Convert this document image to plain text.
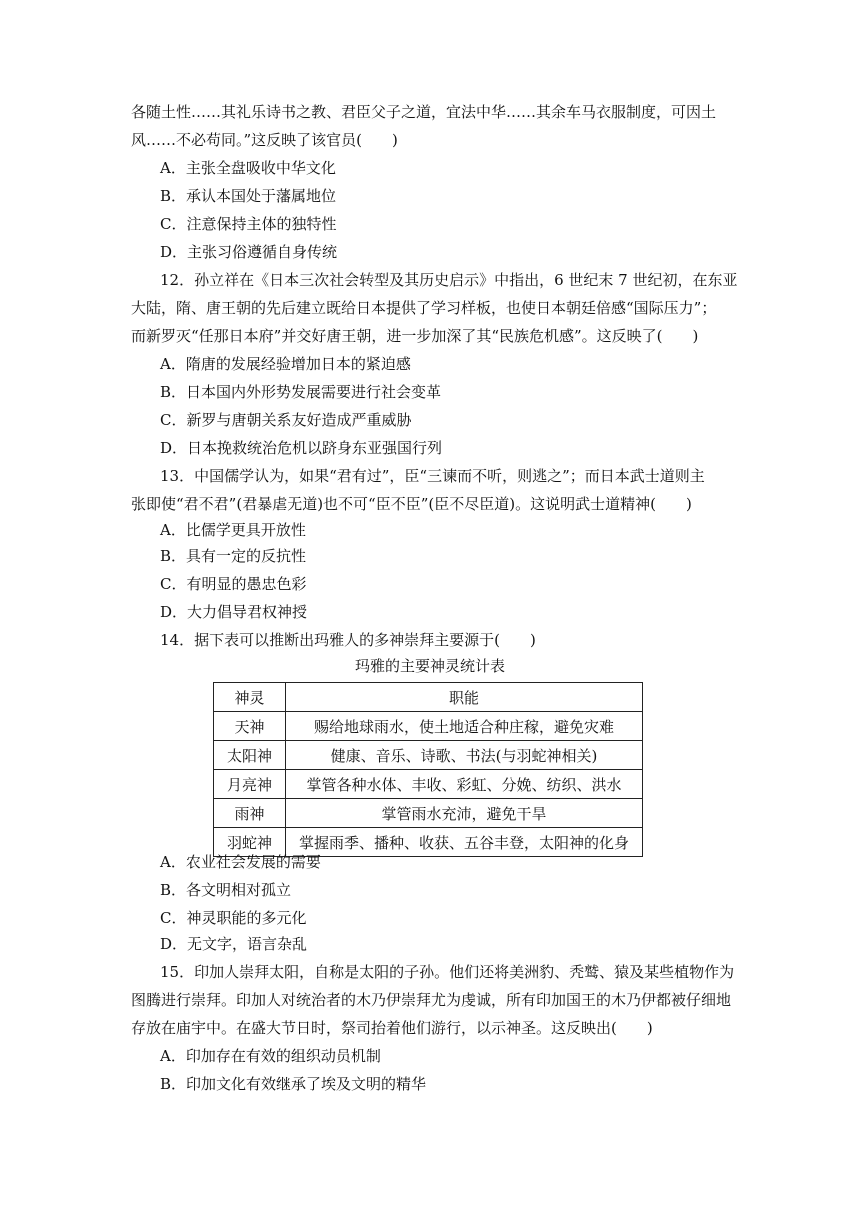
各随土性……其礼乐诗书之教、君臣父子之道，宜法中华……其余车马衣服制度，可因土
风……不必苟同。”这反映了该官员(　　)
A．主张全盘吸收中华文化
B．承认本国处于藩属地位
C．注意保持主体的独特性
D．主张习俗遵循自身传统
12．孙立祥在《日本三次社会转型及其历史启示》中指出，6 世纪末 7 世纪初，在东亚
大陆，隋、唐王朝的先后建立既给日本提供了学习样板，也使日本朝廷倍感“国际压力”；
而新罗灭“任那日本府”并交好唐王朝，进一步加深了其“民族危机感”。这反映了(　　)
A．隋唐的发展经验增加日本的紧迫感
B．日本国内外形势发展需要进行社会变革
C．新罗与唐朝关系友好造成严重威胁
D．日本挽救统治危机以跻身东亚强国行列
13．中国儒学认为，如果“君有过”，臣“三谏而不听，则逃之”；而日本武士道则主
张即使“君不君”(君暴虐无道)也不可“臣不臣”(臣不尽臣道)。这说明武士道精神(　　)
A．比儒学更具开放性
B．具有一定的反抗性
C．有明显的愚忠色彩
D．大力倡导君权神授
14．据下表可以推断出玛雅人的多神崇拜主要源于(　　)
玛雅的主要神灵统计表
神灵	职能
天神	赐给地球雨水，使土地适合种庄稼，避免灾难
太阳神	健康、音乐、诗歌、书法(与羽蛇神相关)
月亮神	掌管各种水体、丰收、彩虹、分娩、纺织、洪水
雨神	掌管雨水充沛，避免干旱
羽蛇神	掌握雨季、播种、收获、五谷丰登，太阳神的化身
A．农业社会发展的需要
B．各文明相对孤立
C．神灵职能的多元化
D．无文字，语言杂乱
15．印加人崇拜太阳，自称是太阳的子孙。他们还将美洲豹、秃鹫、猿及某些植物作为
图腾进行崇拜。印加人对统治者的木乃伊崇拜尤为虔诚，所有印加国王的木乃伊都被仔细地
存放在庙宇中。在盛大节日时，祭司抬着他们游行，以示神圣。这反映出(　　)
A．印加存在有效的组织动员机制
B．印加文化有效继承了埃及文明的精华
